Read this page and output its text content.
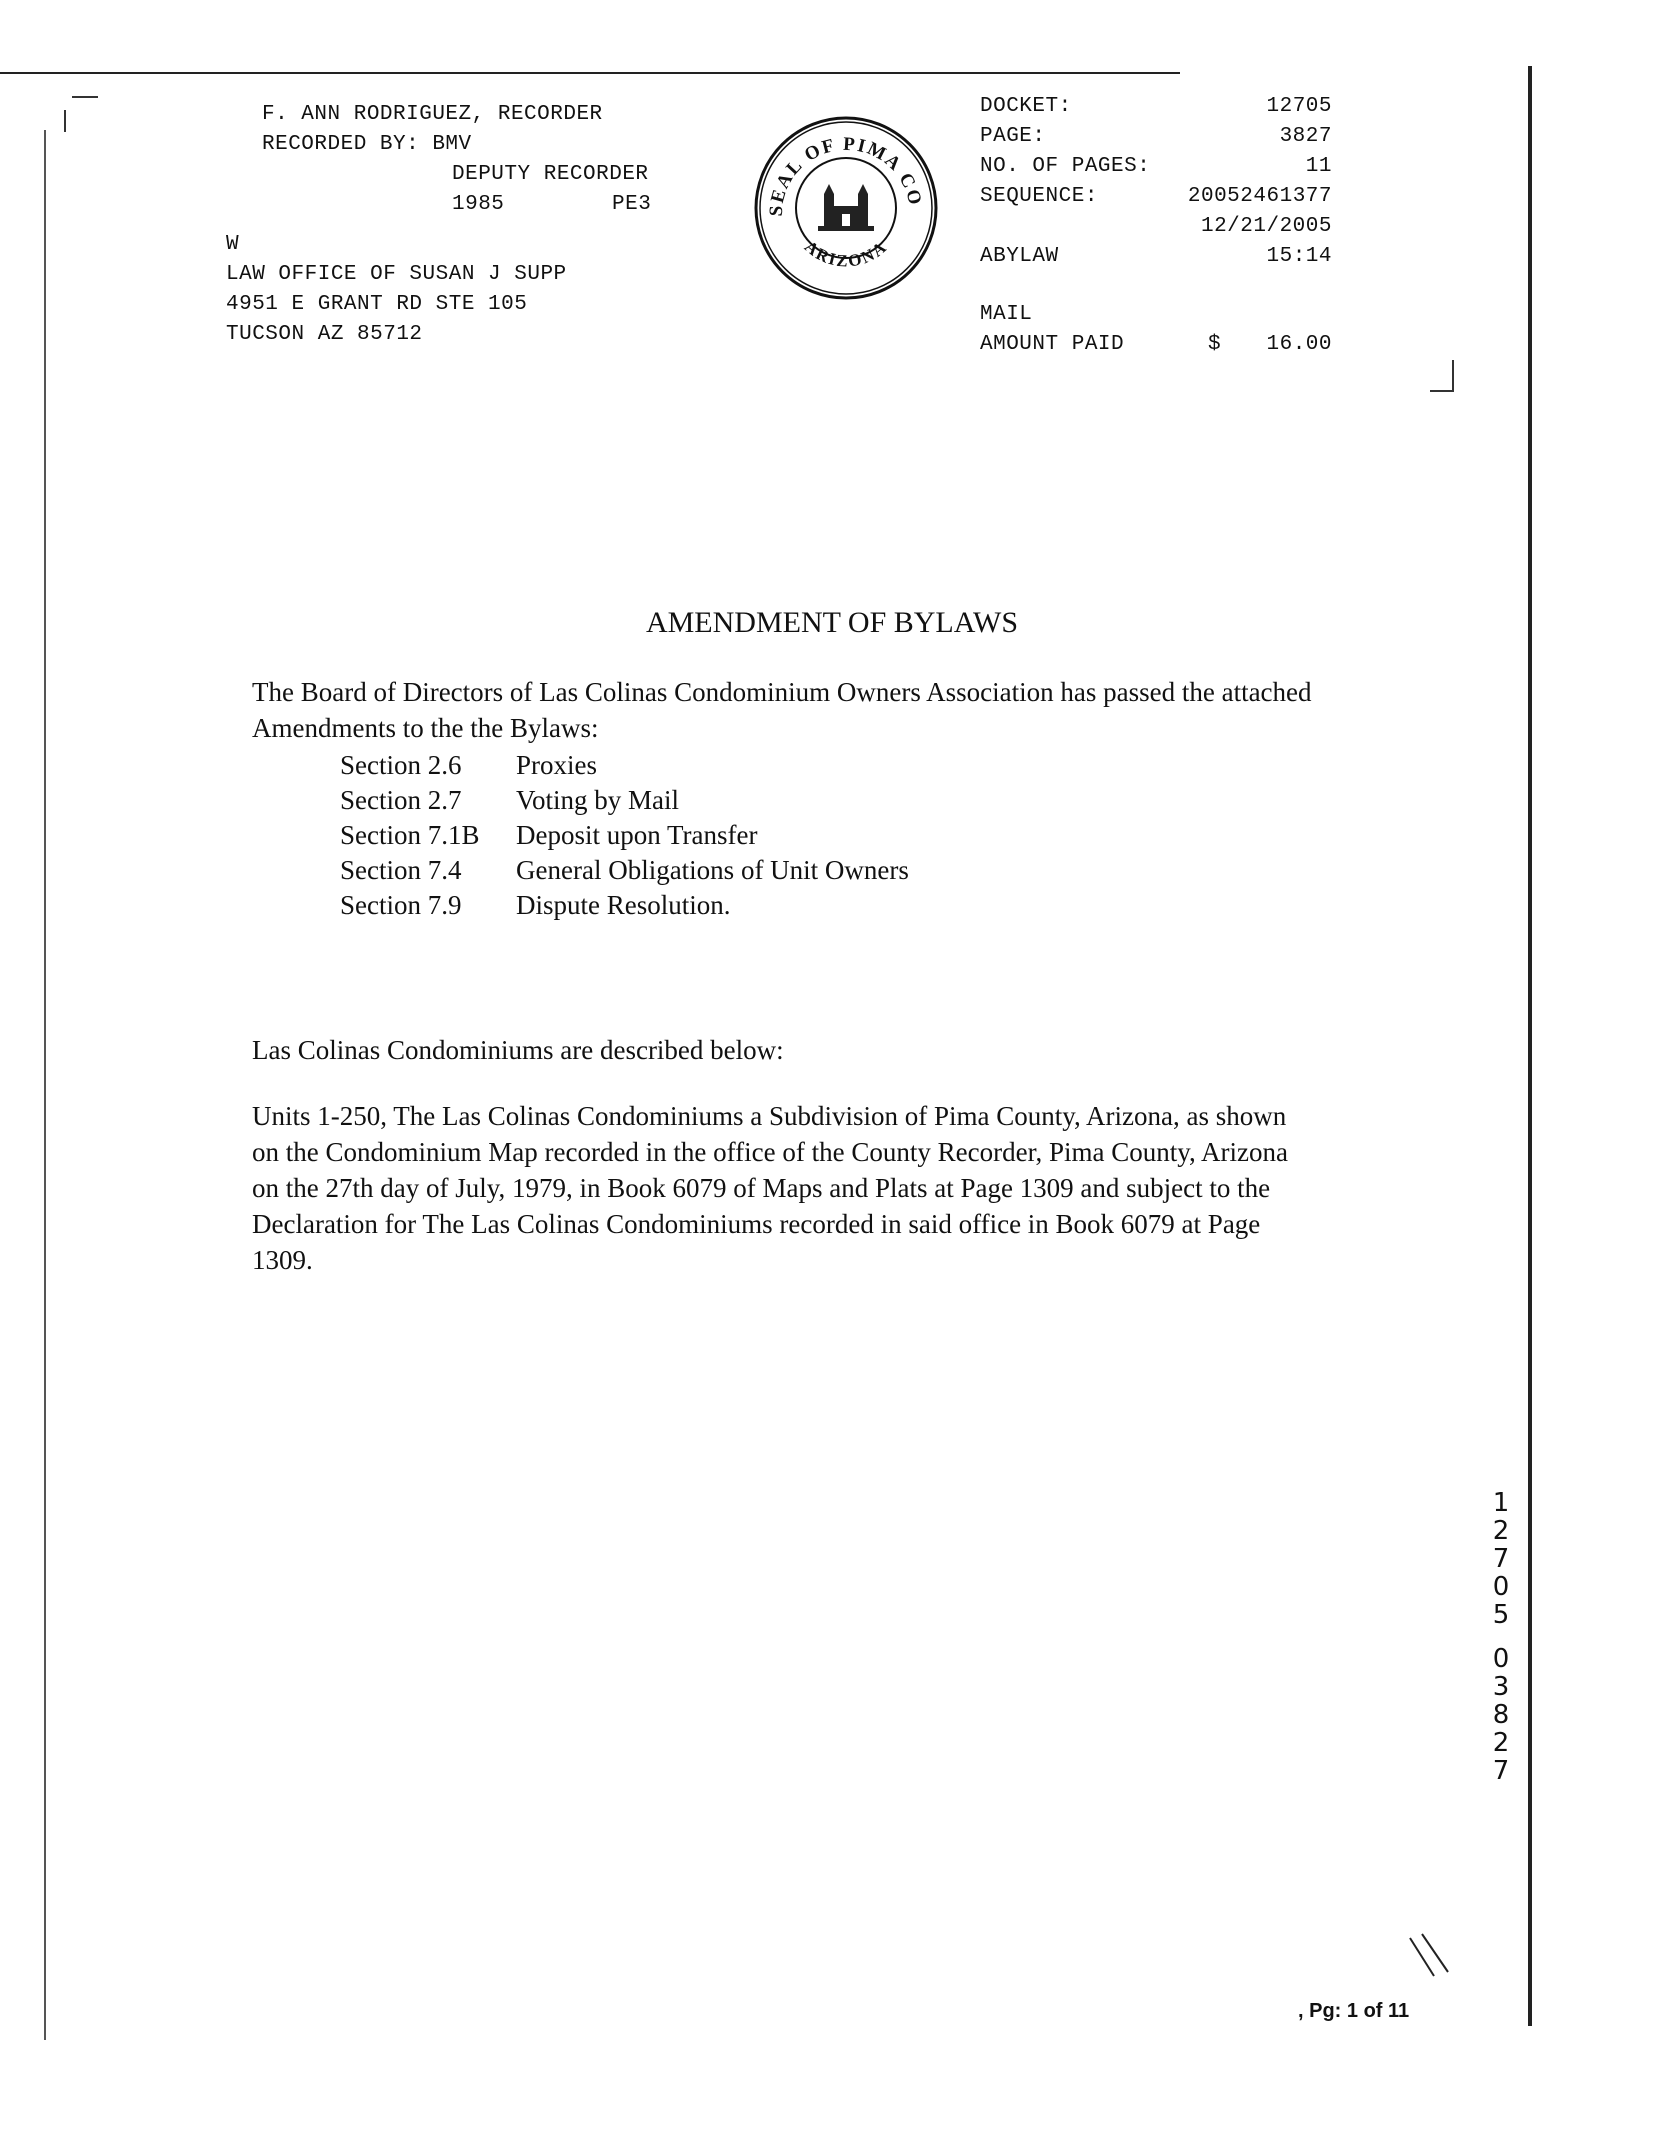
F. ANN RODRIGUEZ, RECORDER
RECORDED BY: BMV
DEPUTY RECORDER
1985	PE3
W
LAW OFFICE OF SUSAN J SUPP
4951 E GRANT RD STE 105
TUCSON AZ 85712
SEAL OF PIMA CO
ARIZONA
DOCKET:	12705
PAGE:	3827
NO. OF PAGES:	11
SEQUENCE:	20052461377
12/21/2005
ABYLAW	15:14
MAIL
AMOUNT PAID	$ 16.00
AMENDMENT OF BYLAWS
The Board of Directors of Las Colinas Condominium Owners Association has passed the attached Amendments to the the Bylaws:
Section 2.6	Proxies
Section 2.7	Voting by Mail
Section 7.1B	Deposit upon Transfer
Section 7.4	General Obligations of Unit Owners
Section 7.9	Dispute Resolution.
Las Colinas Condominiums are described below:
Units 1-250, The Las Colinas Condominiums a Subdivision of Pima County, Arizona, as shown on the Condominium Map recorded in the office of the County Recorder, Pima County, Arizona on the 27th day of July, 1979, in Book 6079 of Maps and Plats at Page 1309 and subject to the Declaration for The Las Colinas Condominiums recorded in said office in Book 6079 at Page 1309.
12705
03827
, Pg: 1 of 11
